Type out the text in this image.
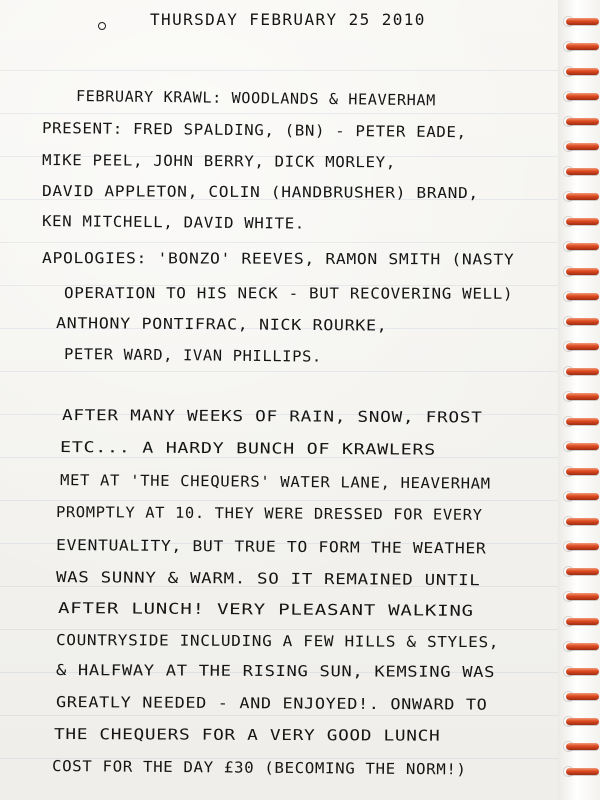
THURSDAY FEBRUARY 25 2010

FEBRUARY KRAWL: WOODLANDS & HEAVERHAM

PRESENT: FRED SPALDING, (BN) - PETER EADE,

MIKE PEEL, JOHN BERRY, DICK MORLEY,

DAVID APPLETON, COLIN (HANDBRUSHER) BRAND,

KEN MITCHELL, DAVID WHITE.

APOLOGIES: 'BONZO' REEVES, RAMON SMITH (NASTY

OPERATION TO HIS NECK - BUT RECOVERING WELL)

ANTHONY PONTIFRAC, NICK ROURKE,

PETER WARD, IVAN PHILLIPS.

AFTER MANY WEEKS OF RAIN, SNOW, FROST

ETC... A HARDY BUNCH OF KRAWLERS

MET AT 'THE CHEQUERS' WATER LANE, HEAVERHAM

PROMPTLY AT 10. THEY WERE DRESSED FOR EVERY

EVENTUALITY, BUT TRUE TO FORM THE WEATHER

WAS SUNNY & WARM. SO IT REMAINED UNTIL

AFTER LUNCH! VERY PLEASANT WALKING

COUNTRYSIDE INCLUDING A FEW HILLS & STYLES,

& HALFWAY AT THE RISING SUN, KEMSING WAS

GREATLY NEEDED - AND ENJOYED!. ONWARD TO

THE CHEQUERS FOR A VERY GOOD LUNCH

COST FOR THE DAY £30 (BECOMING THE NORM!)
